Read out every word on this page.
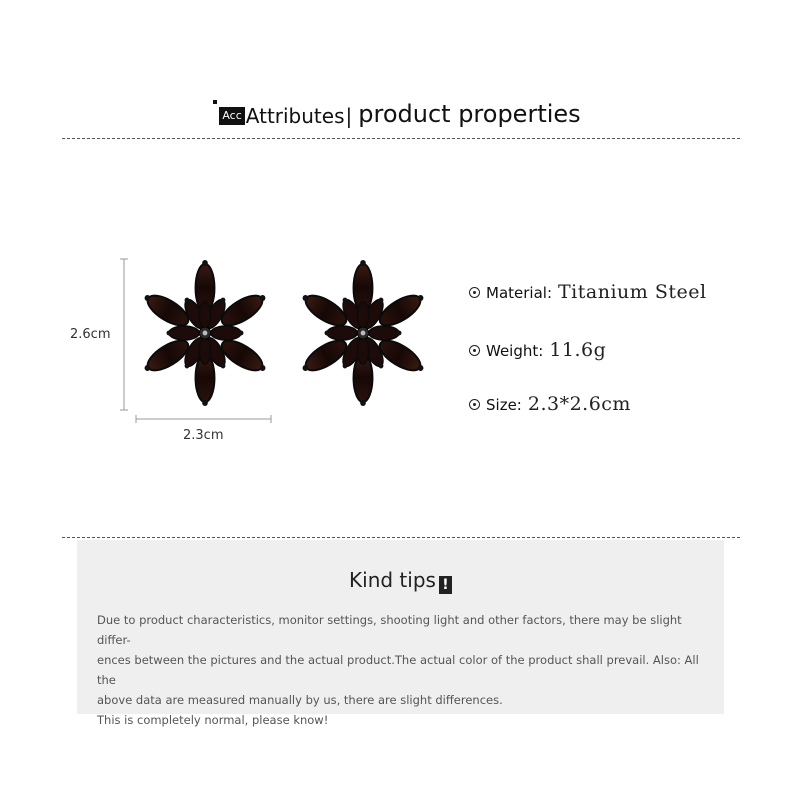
Acc Attributes | product properties
2.6cm
2.3cm
Material: Titanium Steel
Weight: 11.6g
Size: 2.3*2.6cm
Kind tips !

Due to product characteristics, monitor settings, shooting light and other factors, there may be slight differ-

ences between the pictures and the actual product.The actual color of the product shall prevail. Also: All the

above data are measured manually by us, there are slight differences.

This is completely normal, please know!
